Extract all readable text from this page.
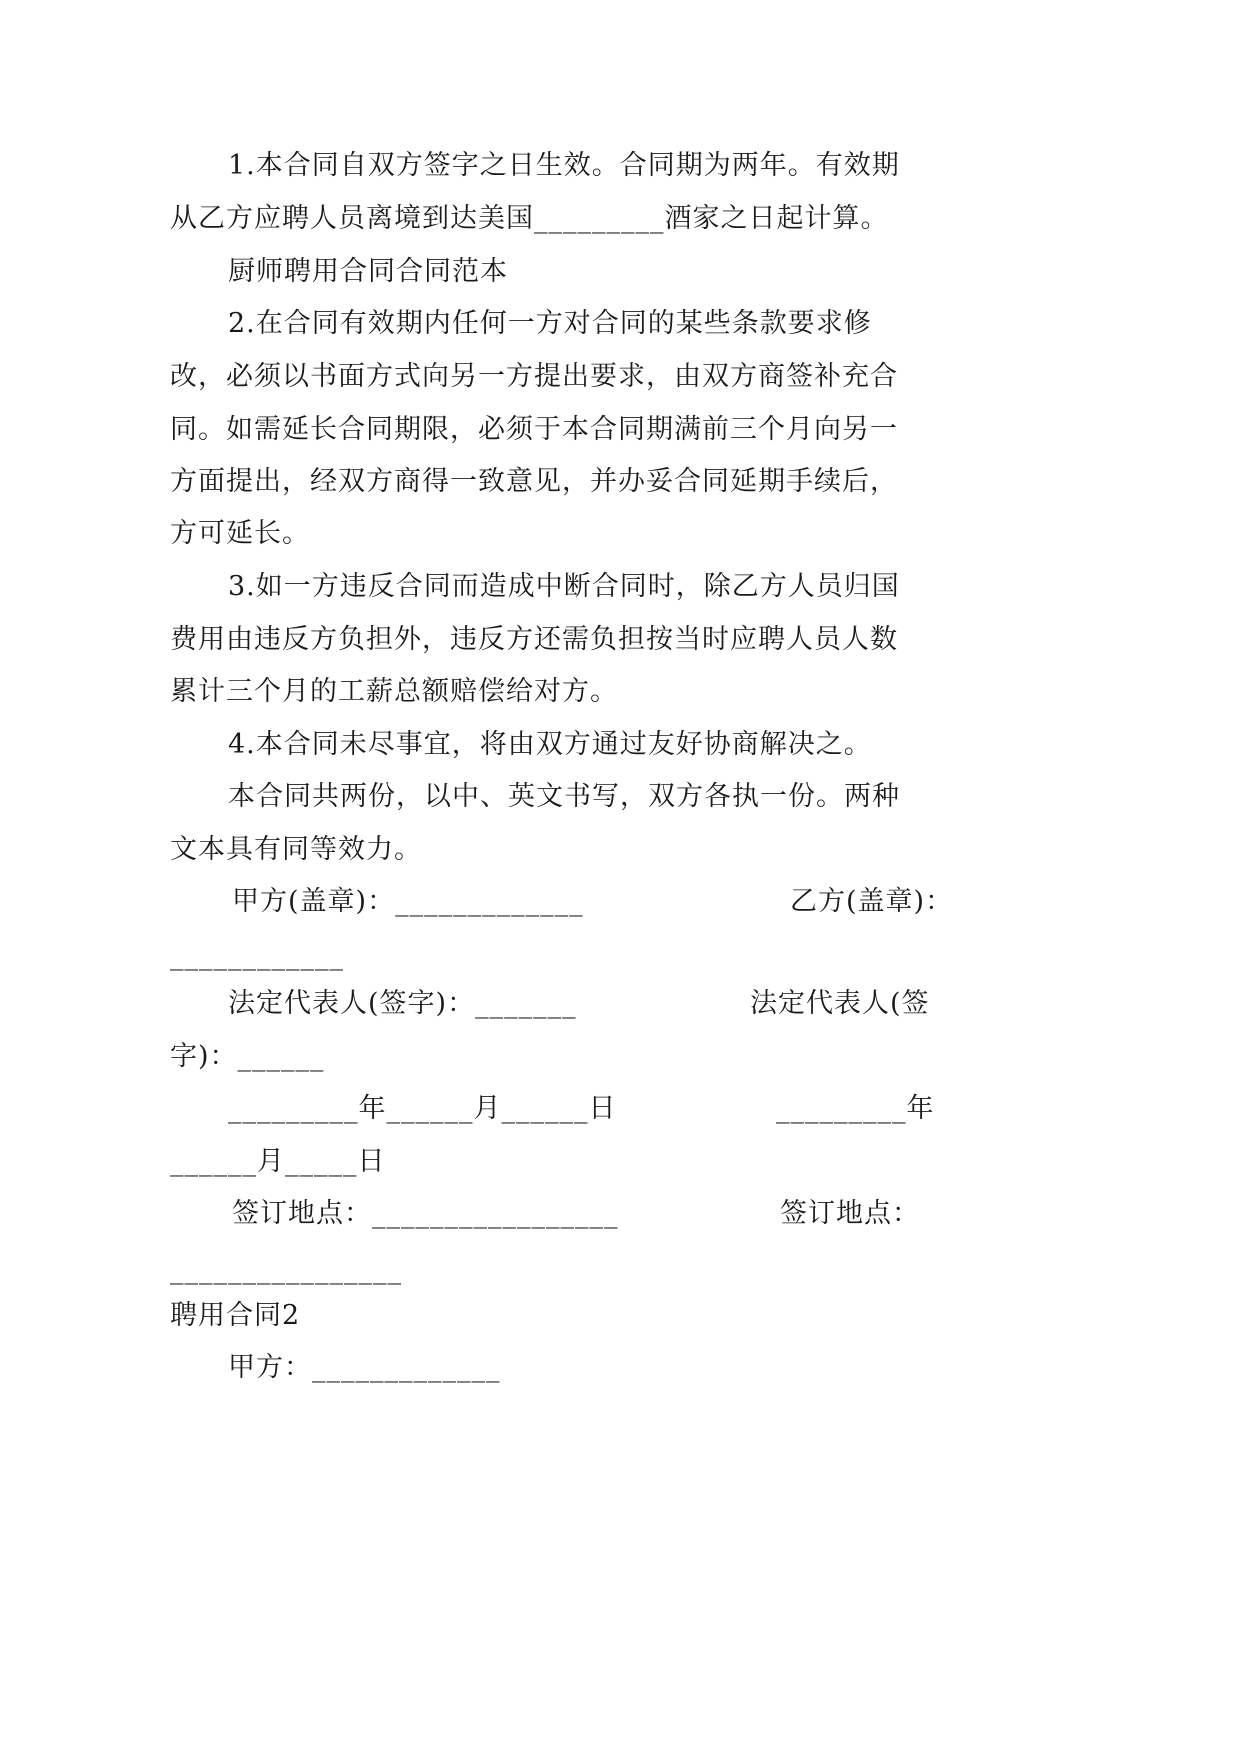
1.本合同自双方签字之日生效。合同期为两年。有效期
从乙方应聘人员离境到达美国_________酒家之日起计算。
厨师聘用合同合同范本
2.在合同有效期内任何一方对合同的某些条款要求修
改，必须以书面方式向另一方提出要求，由双方商签补充合
同。如需延长合同期限，必须于本合同期满前三个月向另一
方面提出，经双方商得一致意见，并办妥合同延期手续后，
方可延长。
3.如一方违反合同而造成中断合同时，除乙方人员归国
费用由违反方负担外，违反方还需负担按当时应聘人员人数
累计三个月的工薪总额赔偿给对方。
4.本合同未尽事宜，将由双方通过友好协商解决之。
本合同共两份，以中、英文书写，双方各执一份。两种
文本具有同等效力。
甲方(盖章)：_____________	乙方(盖章)：
____________
法定代表人(签字)：_______	法定代表人(签
字)：______
_________年______月______日	_________年
______月_____日
签订地点：_________________	签订地点：
________________
聘用合同2
甲方：_____________
